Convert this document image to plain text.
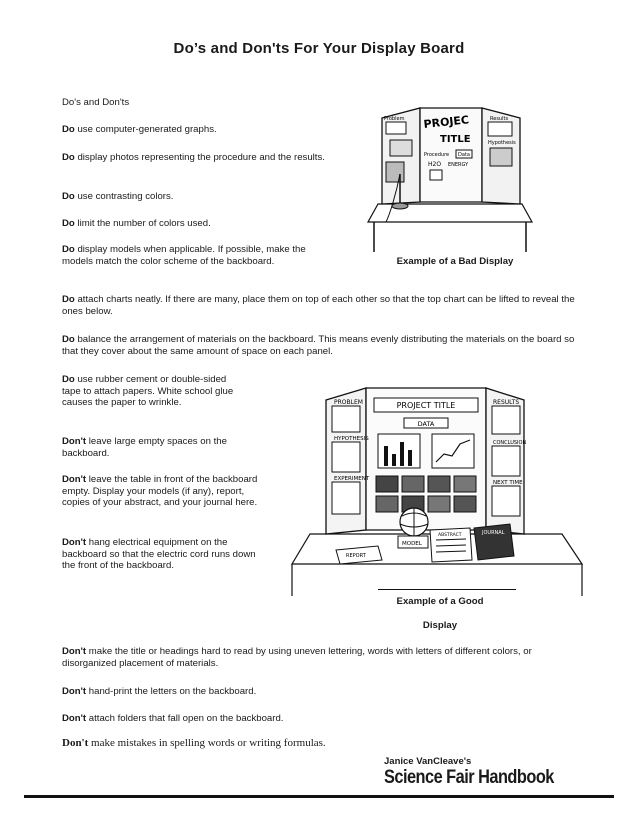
Do’s and Don'ts For Your Display Board

Do's and Don'ts

Do use computer-generated graphs.

Do display photos representing the procedure and the results.

Do use contrasting colors.

Do limit the number of colors used.

Do display models when applicable. If possible, make the models match the color scheme of the backboard.

Do attach charts neatly. If there are many, place them on top of each other so that the top chart can be lifted to reveal the ones below.

Do balance the arrangement of materials on the backboard. This means evenly distributing the materials on the board so that they cover about the same amount of space on each panel.

Do use rubber cement or double-sided tape to attach papers. White school glue causes the paper to wrinkle.

Don't leave large empty spaces on the backboard.

Don't leave the table in front of the backboard empty. Display your models (if any), report, copies of your abstract, and your journal here.

Don't hang electrical equipment on the backboard so that the electric cord runs down the front of the backboard.

Don't make the title or headings hard to read by using uneven lettering, words with letters of different colors, or disorganized placement of materials.

Don't hand-print the letters on the backboard.

Don't attach folders that fall open on the backboard.

Don't make mistakes in spelling words or writing formulas.

PROJEC
TITLE
Problem	Results
Procedure
Hypothesis
Data
H2O ENERGY
Example of a Bad Display
PROBLEM
HYPOTHESIS
EXPERIMENT
PROJECT TITLE
DATA
RESULTS
CONCLUSION
NEXT TIME
REPORT
MODEL
ABSTRACT	JOURNAL
Example of a Good Display
Janice VanCleave's
Science Fair Handbook
